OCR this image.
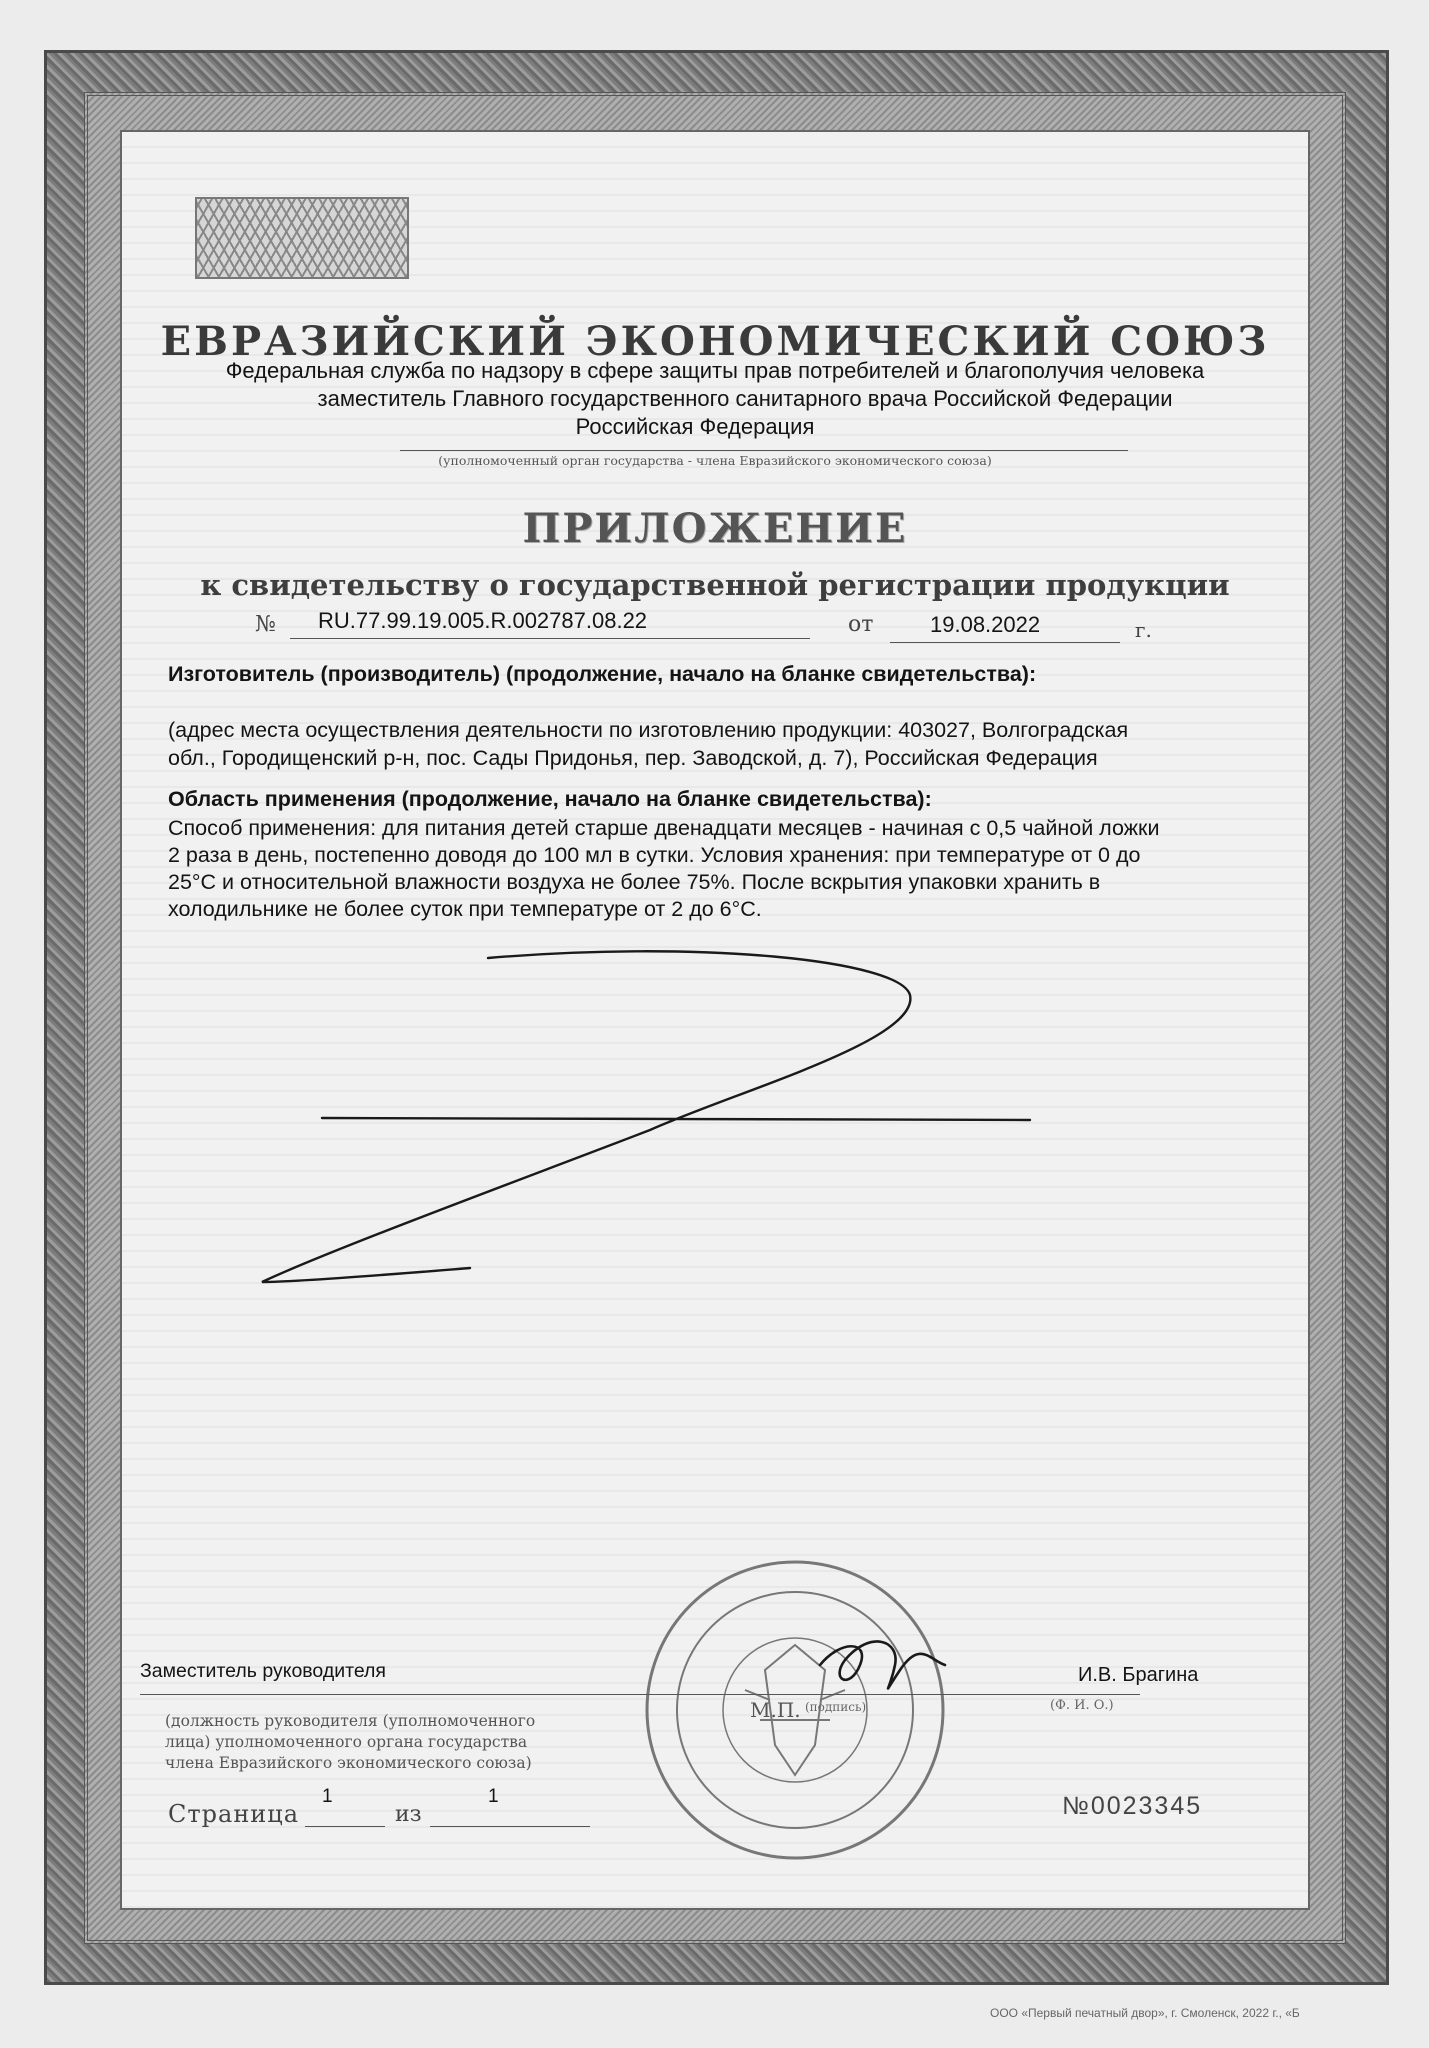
ЕВРАЗИЙСКИЙ ЭКОНОМИЧЕСКИЙ СОЮЗ
Федеральная служба по надзору в сфере защиты прав потребителей и благополучия человека
заместитель Главного государственного санитарного врача Российской Федерации
Российская Федерация
(уполномоченный орган государства - члена Евразийского экономического союза)
ПРИЛОЖЕНИЕ
к свидетельству о государственной регистрации продукции
№ RU.77.99.19.005.R.002787.08.22	от	19.08.2022	г.
Изготовитель (производитель) (продолжение, начало на бланке свидетельства):
(адрес места осуществления деятельности по изготовлению продукции: 403027, Волгоградская
обл., Городищенский р-н, пос. Сады Придонья, пер. Заводской, д. 7), Российская Федерация
Область применения (продолжение, начало на бланке свидетельства):
Способ применения: для питания детей старше двенадцати месяцев - начиная с 0,5 чайной ложки
2 раза в день, постепенно доводя до 100 мл в сутки. Условия хранения: при температуре от 0 до
25°С и относительной влажности воздуха не более 75%. После вскрытия упаковки хранить в
холодильнике не более суток при температуре от 2 до 6°С.
Заместитель руководителя
М.П. (подпись)
И.В. Брагина
(Ф. И. О.)
(должность руководителя (уполномоченного
лица) уполномоченного органа государства
члена Евразийского экономического союза)
Страница
1
из
1	№0023345
ООО «Первый печатный двор», г. Смоленск, 2022 г., «Б
